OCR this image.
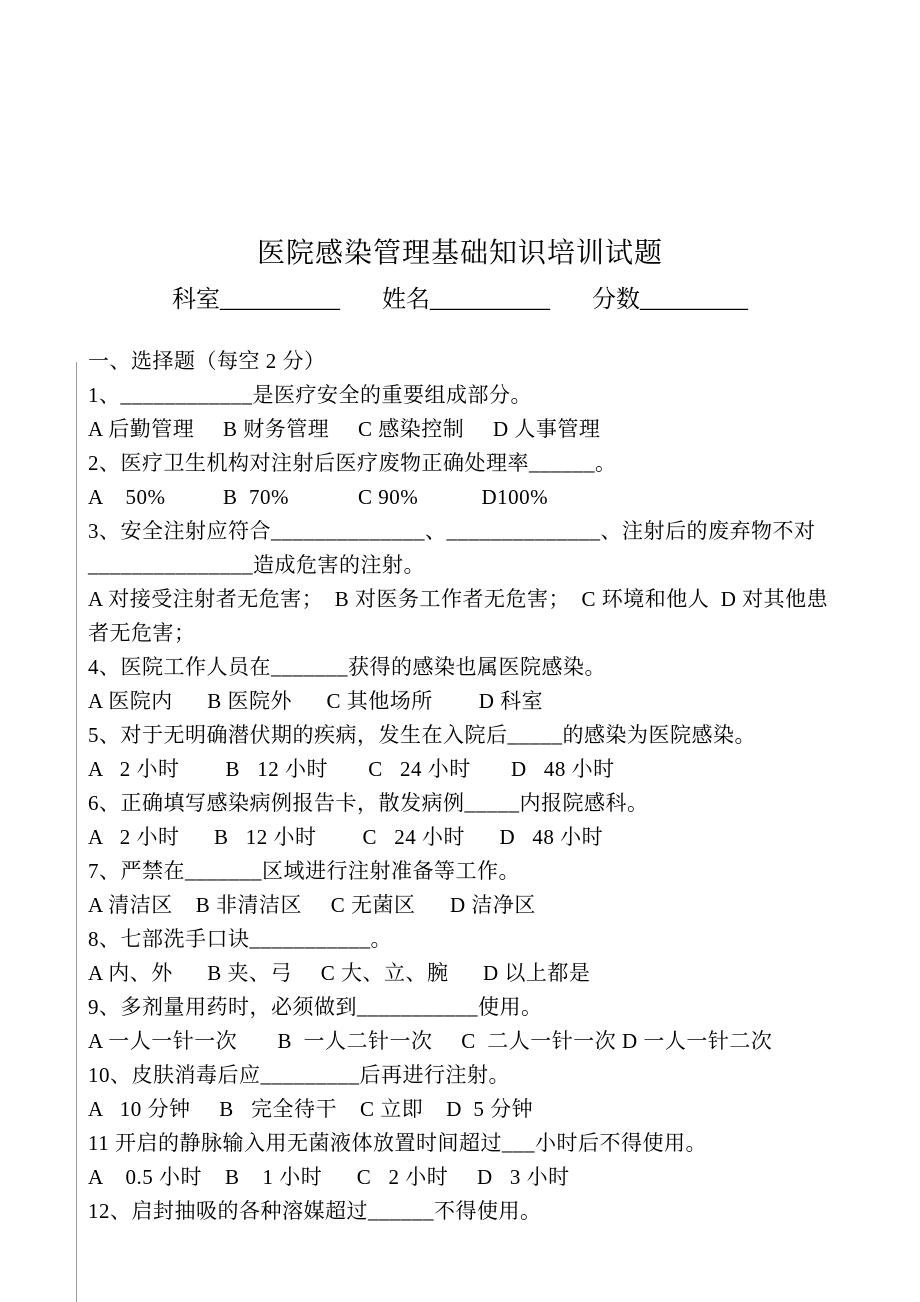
医院感染管理基础知识培训试题
科室__________ 姓名__________ 分数_________
一、选择题（每空 2 分）
1、____________是医疗安全的重要组成部分。
A 后勤管理     B 财务管理     C 感染控制     D 人事管理
2、医疗卫生机构对注射后医疗废物正确处理率______。
A    50%          B  70%            C 90%           D100%
3、安全注射应符合______________、______________、注射后的废弃物不对
_______________造成危害的注射。
A 对接受注射者无危害；  B 对医务工作者无危害；  C 环境和他人  D 对其他患
者无危害；
4、医院工作人员在_______获得的感染也属医院感染。
A 医院内      B 医院外      C 其他场所        D 科室
5、对于无明确潜伏期的疾病，发生在入院后_____的感染为医院感染。
A   2 小时        B   12 小时       C   24 小时       D   48 小时
6、正确填写感染病例报告卡，散发病例_____内报院感科。
A   2 小时      B   12 小时        C   24 小时      D   48 小时
7、严禁在_______区域进行注射准备等工作。
A 清洁区    B 非清洁区     C 无菌区      D 洁净区
8、七部洗手口诀___________。
A 内、外      B 夹、弓     C 大、立、腕      D 以上都是
9、多剂量用药时，必须做到___________使用。
A 一人一针一次       B  一人二针一次     C  二人一针一次 D 一人一针二次
10、皮肤消毒后应_________后再进行注射。
A   10 分钟     B   完全待干    C 立即    D  5 分钟
11 开启的静脉输入用无菌液体放置时间超过___小时后不得使用。
A    0.5 小时    B    1 小时      C   2 小时     D   3 小时
12、启封抽吸的各种溶媒超过______不得使用。
